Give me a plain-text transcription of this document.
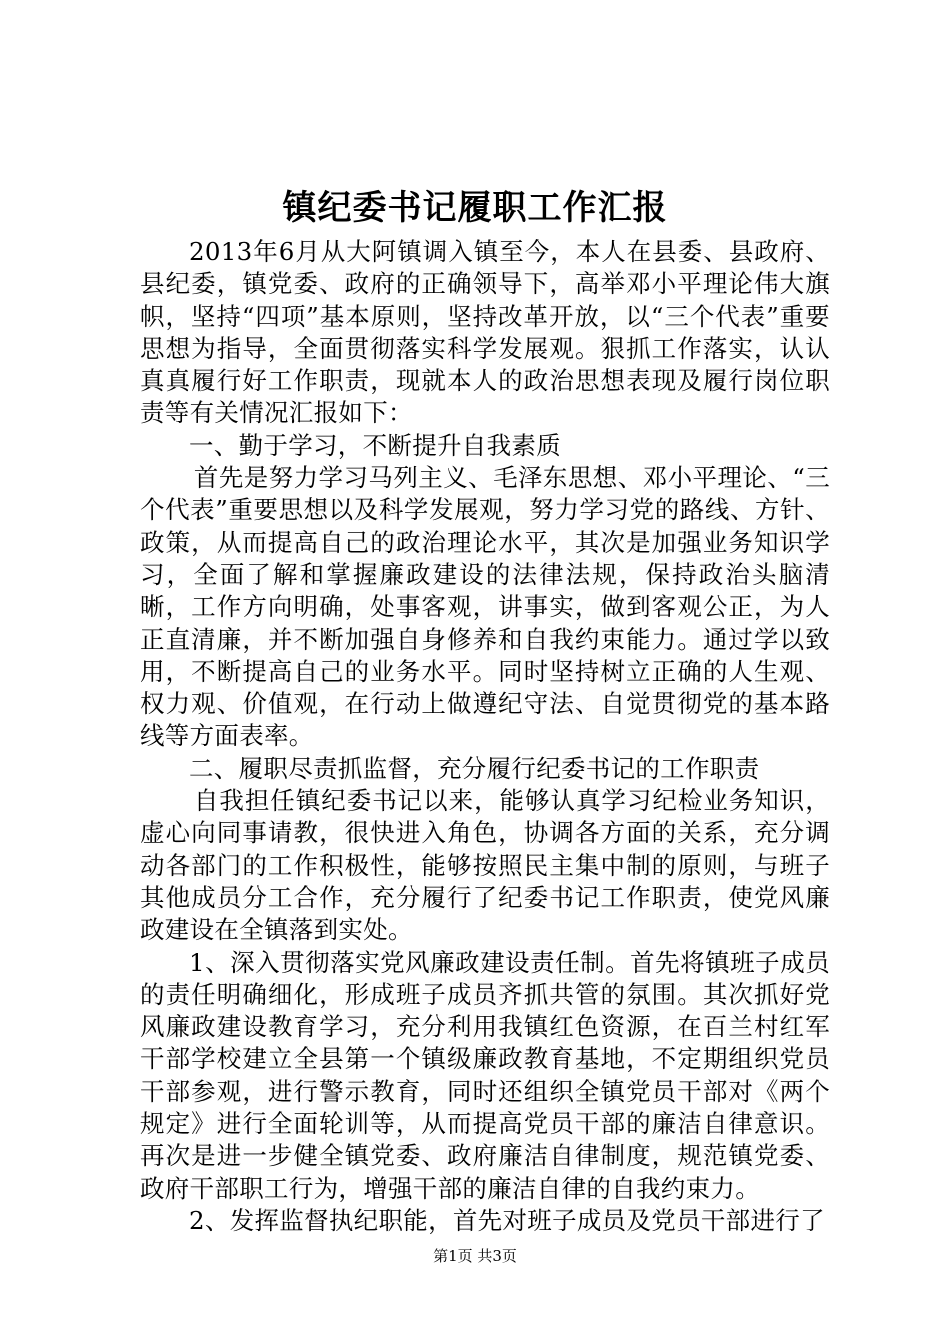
镇纪委书记履职工作汇报

2013年6月从大阿镇调入镇至今，本人在县委、县政府、县纪委，镇党委、政府的正确领导下，高举邓小平理论伟大旗帜，坚持“四项”基本原则，坚持改革开放，以“三个代表”重要思想为指导，全面贯彻落实科学发展观。狠抓工作落实，认认真真履行好工作职责，现就本人的政治思想表现及履行岗位职责等有关情况汇报如下：

一、勤于学习，不断提升自我素质

首先是努力学习马列主义、毛泽东思想、邓小平理论、“三个代表”重要思想以及科学发展观，努力学习党的路线、方针、政策，从而提高自己的政治理论水平，其次是加强业务知识学习，全面了解和掌握廉政建设的法律法规，保持政治头脑清晰，工作方向明确，处事客观，讲事实，做到客观公正，为人正直清廉，并不断加强自身修养和自我约束能力。通过学以致用，不断提高自己的业务水平。同时坚持树立正确的人生观、权力观、价值观，在行动上做遵纪守法、自觉贯彻党的基本路线等方面表率。

二、履职尽责抓监督，充分履行纪委书记的工作职责

自我担任镇纪委书记以来，能够认真学习纪检业务知识，虚心向同事请教，很快进入角色，协调各方面的关系，充分调动各部门的工作积极性，能够按照民主集中制的原则，与班子其他成员分工合作，充分履行了纪委书记工作职责，使党风廉政建设在全镇落到实处。

1、深入贯彻落实党风廉政建设责任制。首先将镇班子成员的责任明确细化，形成班子成员齐抓共管的氛围。其次抓好党风廉政建设教育学习，充分利用我镇红色资源，在百兰村红军干部学校建立全县第一个镇级廉政教育基地，不定期组织党员干部参观，进行警示教育，同时还组织全镇党员干部对《两个规定》进行全面轮训等，从而提高党员干部的廉洁自律意识。再次是进一步健全镇党委、政府廉洁自律制度，规范镇党委、政府干部职工行为，增强干部的廉洁自律的自我约束力。

2、发挥监督执纪职能，首先对班子成员及党员干部进行了

第1页 共3页
